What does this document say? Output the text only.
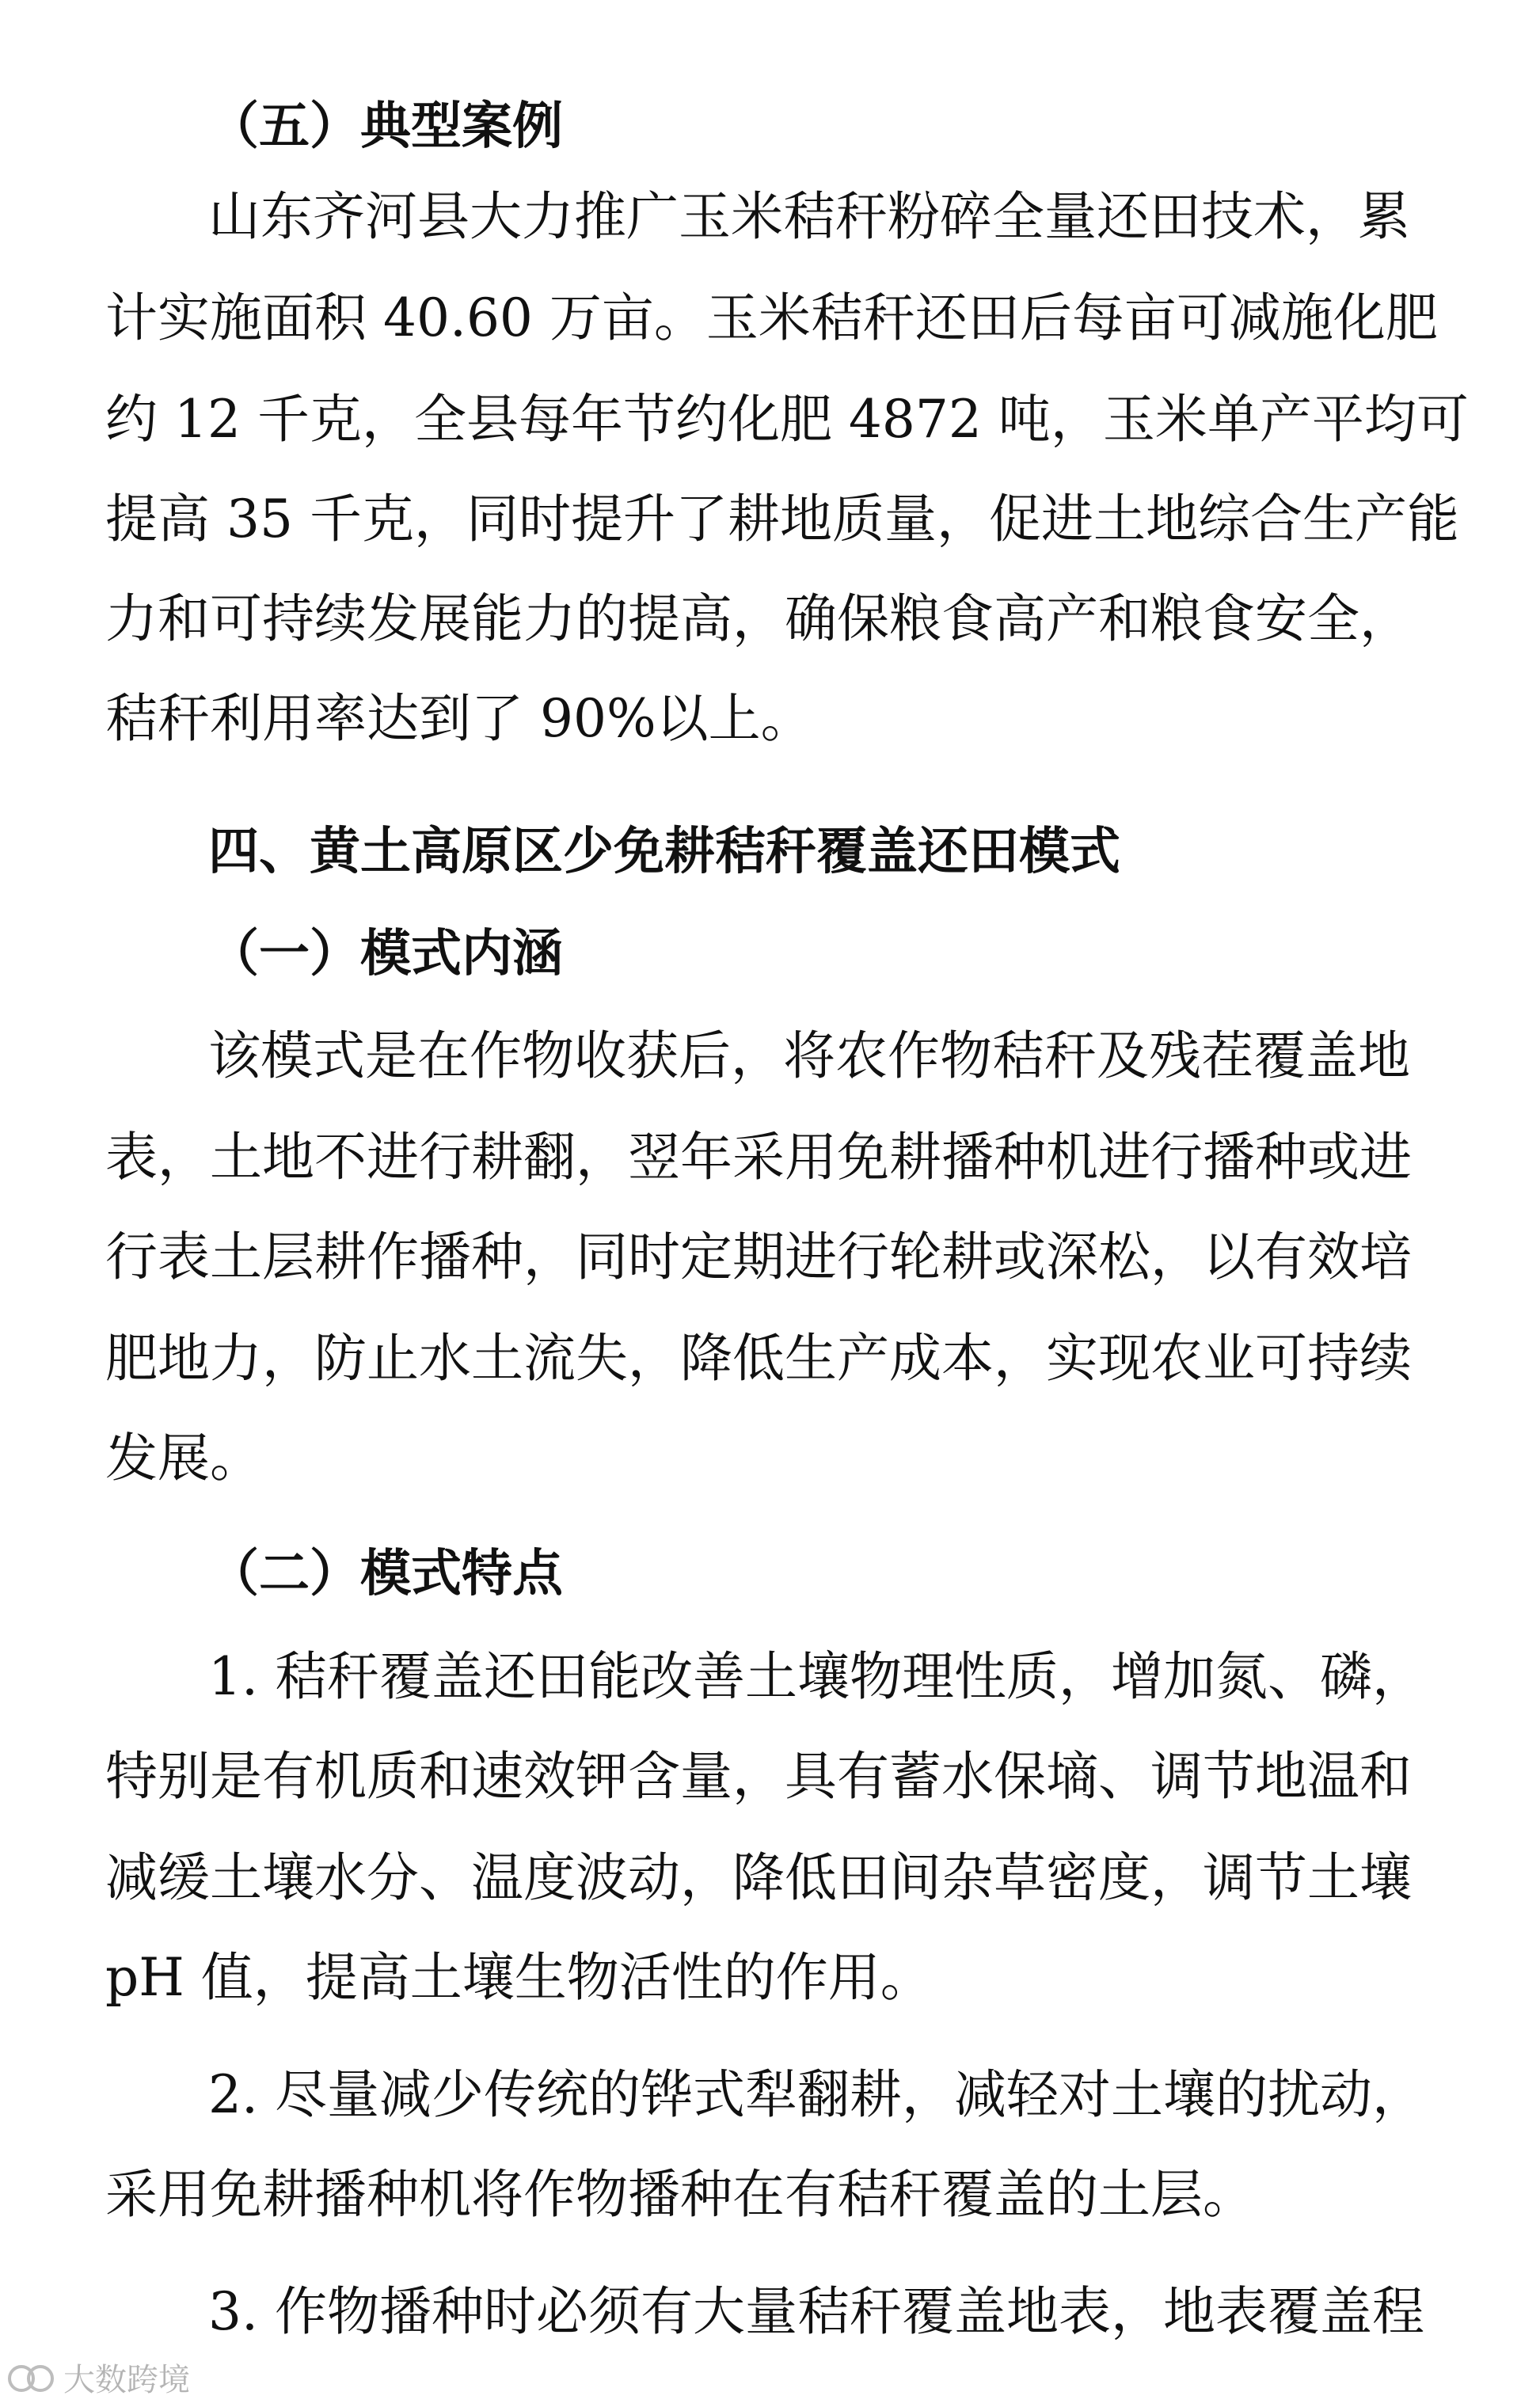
（五）典型案例
山东齐河县大力推广玉米秸秆粉碎全量还田技术，累
计实施面积 40.60 万亩。玉米秸秆还田后每亩可减施化肥
约 12 千克，全县每年节约化肥 4872 吨，玉米单产平均可
提高 35 千克，同时提升了耕地质量，促进土地综合生产能
力和可持续发展能力的提高，确保粮食高产和粮食安全，
秸秆利用率达到了 90%以上。
四、黄土高原区少免耕秸秆覆盖还田模式
（一）模式内涵
该模式是在作物收获后，将农作物秸秆及残茬覆盖地
表，土地不进行耕翻，翌年采用免耕播种机进行播种或进
行表土层耕作播种，同时定期进行轮耕或深松，以有效培
肥地力，防止水土流失，降低生产成本，实现农业可持续
发展。
（二）模式特点
1. 秸秆覆盖还田能改善土壤物理性质，增加氮、磷，
特别是有机质和速效钾含量，具有蓄水保墒、调节地温和
减缓土壤水分、温度波动，降低田间杂草密度，调节土壤
pH 值，提高土壤生物活性的作用。
2. 尽量减少传统的铧式犁翻耕，减轻对土壤的扰动，
采用免耕播种机将作物播种在有秸秆覆盖的土层。
3. 作物播种时必须有大量秸秆覆盖地表，地表覆盖程
大数跨境
